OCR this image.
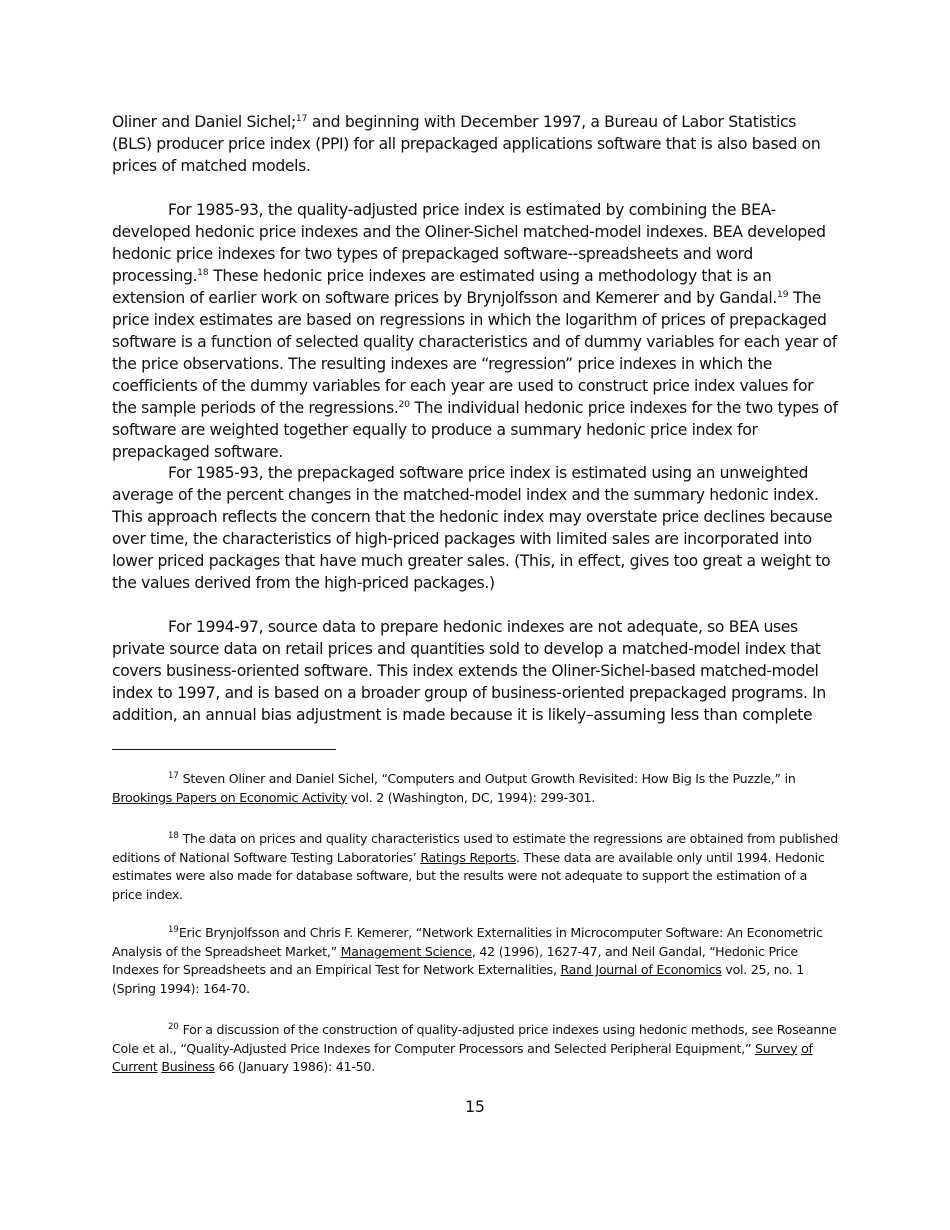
Oliner and Daniel Sichel;$^{17}$ and beginning with December 1997, a Bureau of Labor Statistics (BLS) producer price index (PPI) for all prepackaged applications software that is also based on prices of matched models.

For 1985-93, the quality-adjusted price index is estimated by combining the BEA-developed hedonic price indexes and the Oliner-Sichel matched-model indexes. BEA developed hedonic price indexes for two types of prepackaged software--spreadsheets and word processing.$^{18}$ These hedonic price indexes are estimated using a methodology that is an extension of earlier work on software prices by Brynjolfsson and Kemerer and by Gandal.$^{19}$ The price index estimates are based on regressions in which the logarithm of prices of prepackaged software is a function of selected quality characteristics and of dummy variables for each year of the price observations. The resulting indexes are “regression” price indexes in which the coefficients of the dummy variables for each year are used to construct price index values for the sample periods of the regressions.$^{20}$ The individual hedonic price indexes for the two types of software are weighted together equally to produce a summary hedonic price index for prepackaged software.

For 1985-93, the prepackaged software price index is estimated using an unweighted average of the percent changes in the matched-model index and the summary hedonic index. This approach reflects the concern that the hedonic index may overstate price declines because over time, the characteristics of high-priced packages with limited sales are incorporated into lower priced packages that have much greater sales. (This, in effect, gives too great a weight to the values derived from the high-priced packages.)

For 1994-97, source data to prepare hedonic indexes are not adequate, so BEA uses private source data on retail prices and quantities sold to develop a matched-model index that covers business-oriented software. This index extends the Oliner-Sichel-based matched-model index to 1997, and is based on a broader group of business-oriented prepackaged programs. In addition, an annual bias adjustment is made because it is likely–assuming less than complete

$^{17}$ Steven Oliner and Daniel Sichel, “Computers and Output Growth Revisited: How Big Is the Puzzle,” in Brookings Papers on Economic Activity vol. 2 (Washington, DC, 1994): 299-301.

$^{18}$ The data on prices and quality characteristics used to estimate the regressions are obtained from published editions of National Software Testing Laboratories’ Ratings Reports. These data are available only until 1994. Hedonic estimates were also made for database software, but the results were not adequate to support the estimation of a price index.

$^{19}$Eric Brynjolfsson and Chris F. Kemerer, “Network Externalities in Microcomputer Software: An Econometric Analysis of the Spreadsheet Market,” Management Science, 42 (1996), 1627-47, and Neil Gandal, “Hedonic Price Indexes for Spreadsheets and an Empirical Test for Network Externalities, Rand Journal of Economics vol. 25, no. 1 (Spring 1994): 164-70.

$^{20}$ For a discussion of the construction of quality-adjusted price indexes using hedonic methods, see Roseanne Cole et al., “Quality-Adjusted Price Indexes for Computer Processors and Selected Peripheral Equipment,” Survey of Current Business 66 (January 1986): 41-50.

15
